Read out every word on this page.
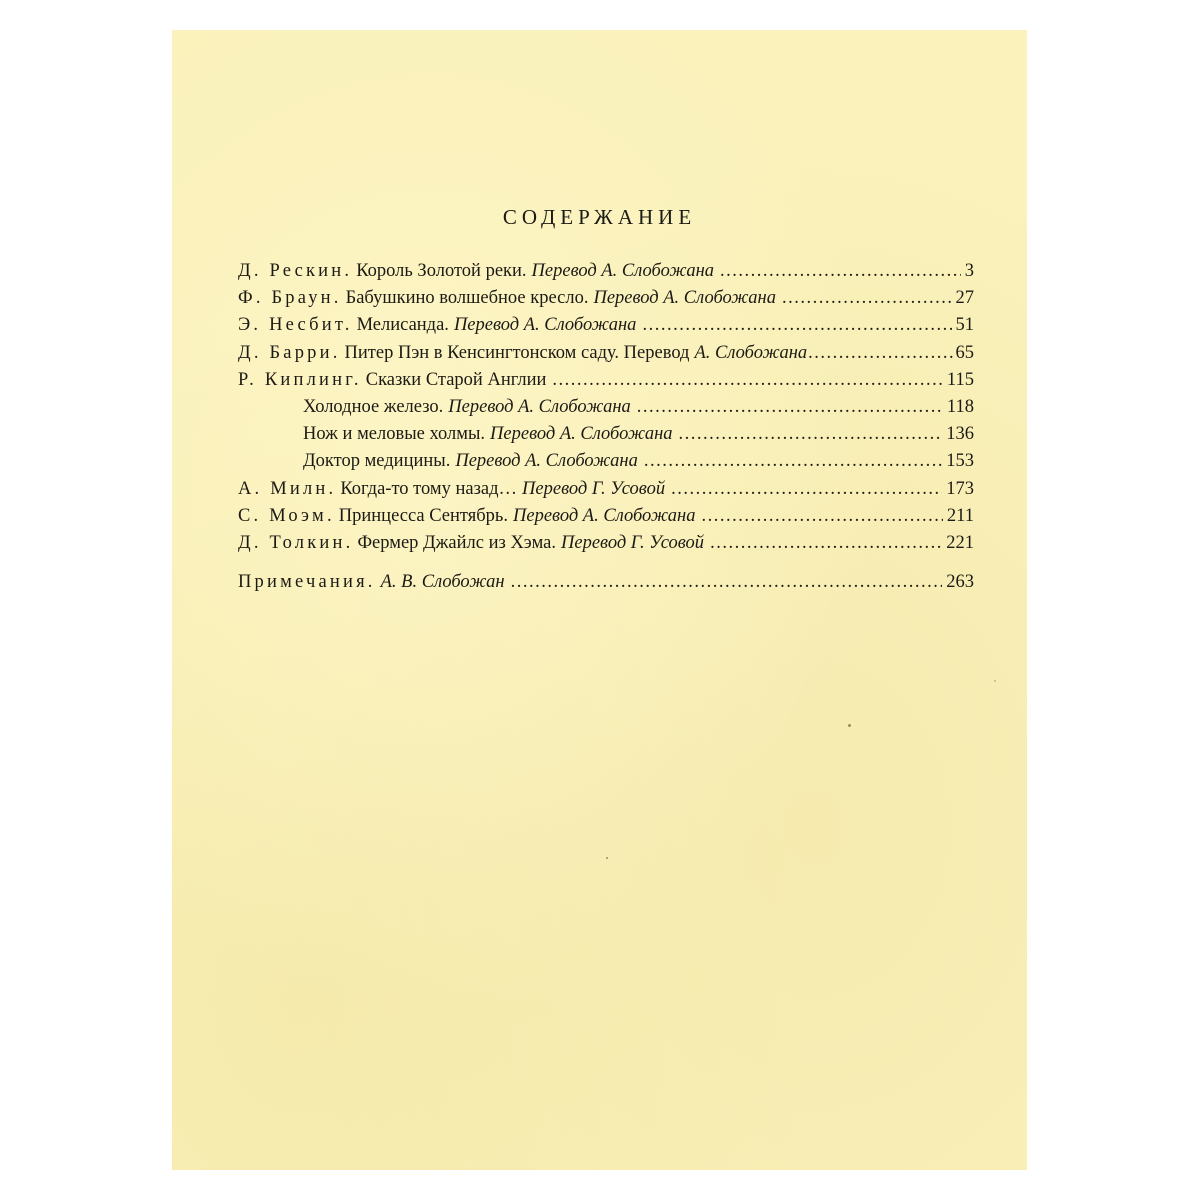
СОДЕРЖАНИЕ
Д. Рескин. Король Золотой реки. Перевод А. Слобожана .....	3
Ф. Браун. Бабушкино волшебное кресло. Перевод А. Слобожана .....	27
Э. Несбит. Мелисанда. Перевод А. Слобожана .....	51
Д. Барри. Питер Пэн в Кенсингтонском саду. Перевод А. Слобожана .....	65
Р. Киплинг. Сказки Старой Англии .....	115
Холодное железо. Перевод А. Слобожана .....	118
Нож и меловые холмы. Перевод А. Слобожана .....	136
Доктор медицины. Перевод А. Слобожана .....	153
А. Милн. Когда-то тому назад… Перевод Г. Усовой .....	173
С. Моэм. Принцесса Сентябрь. Перевод А. Слобожана .....	211
Д. Толкин. Фермер Джайлс из Хэма. Перевод Г. Усовой .....	221
Примечания. А. В. Слобожан .....	263
